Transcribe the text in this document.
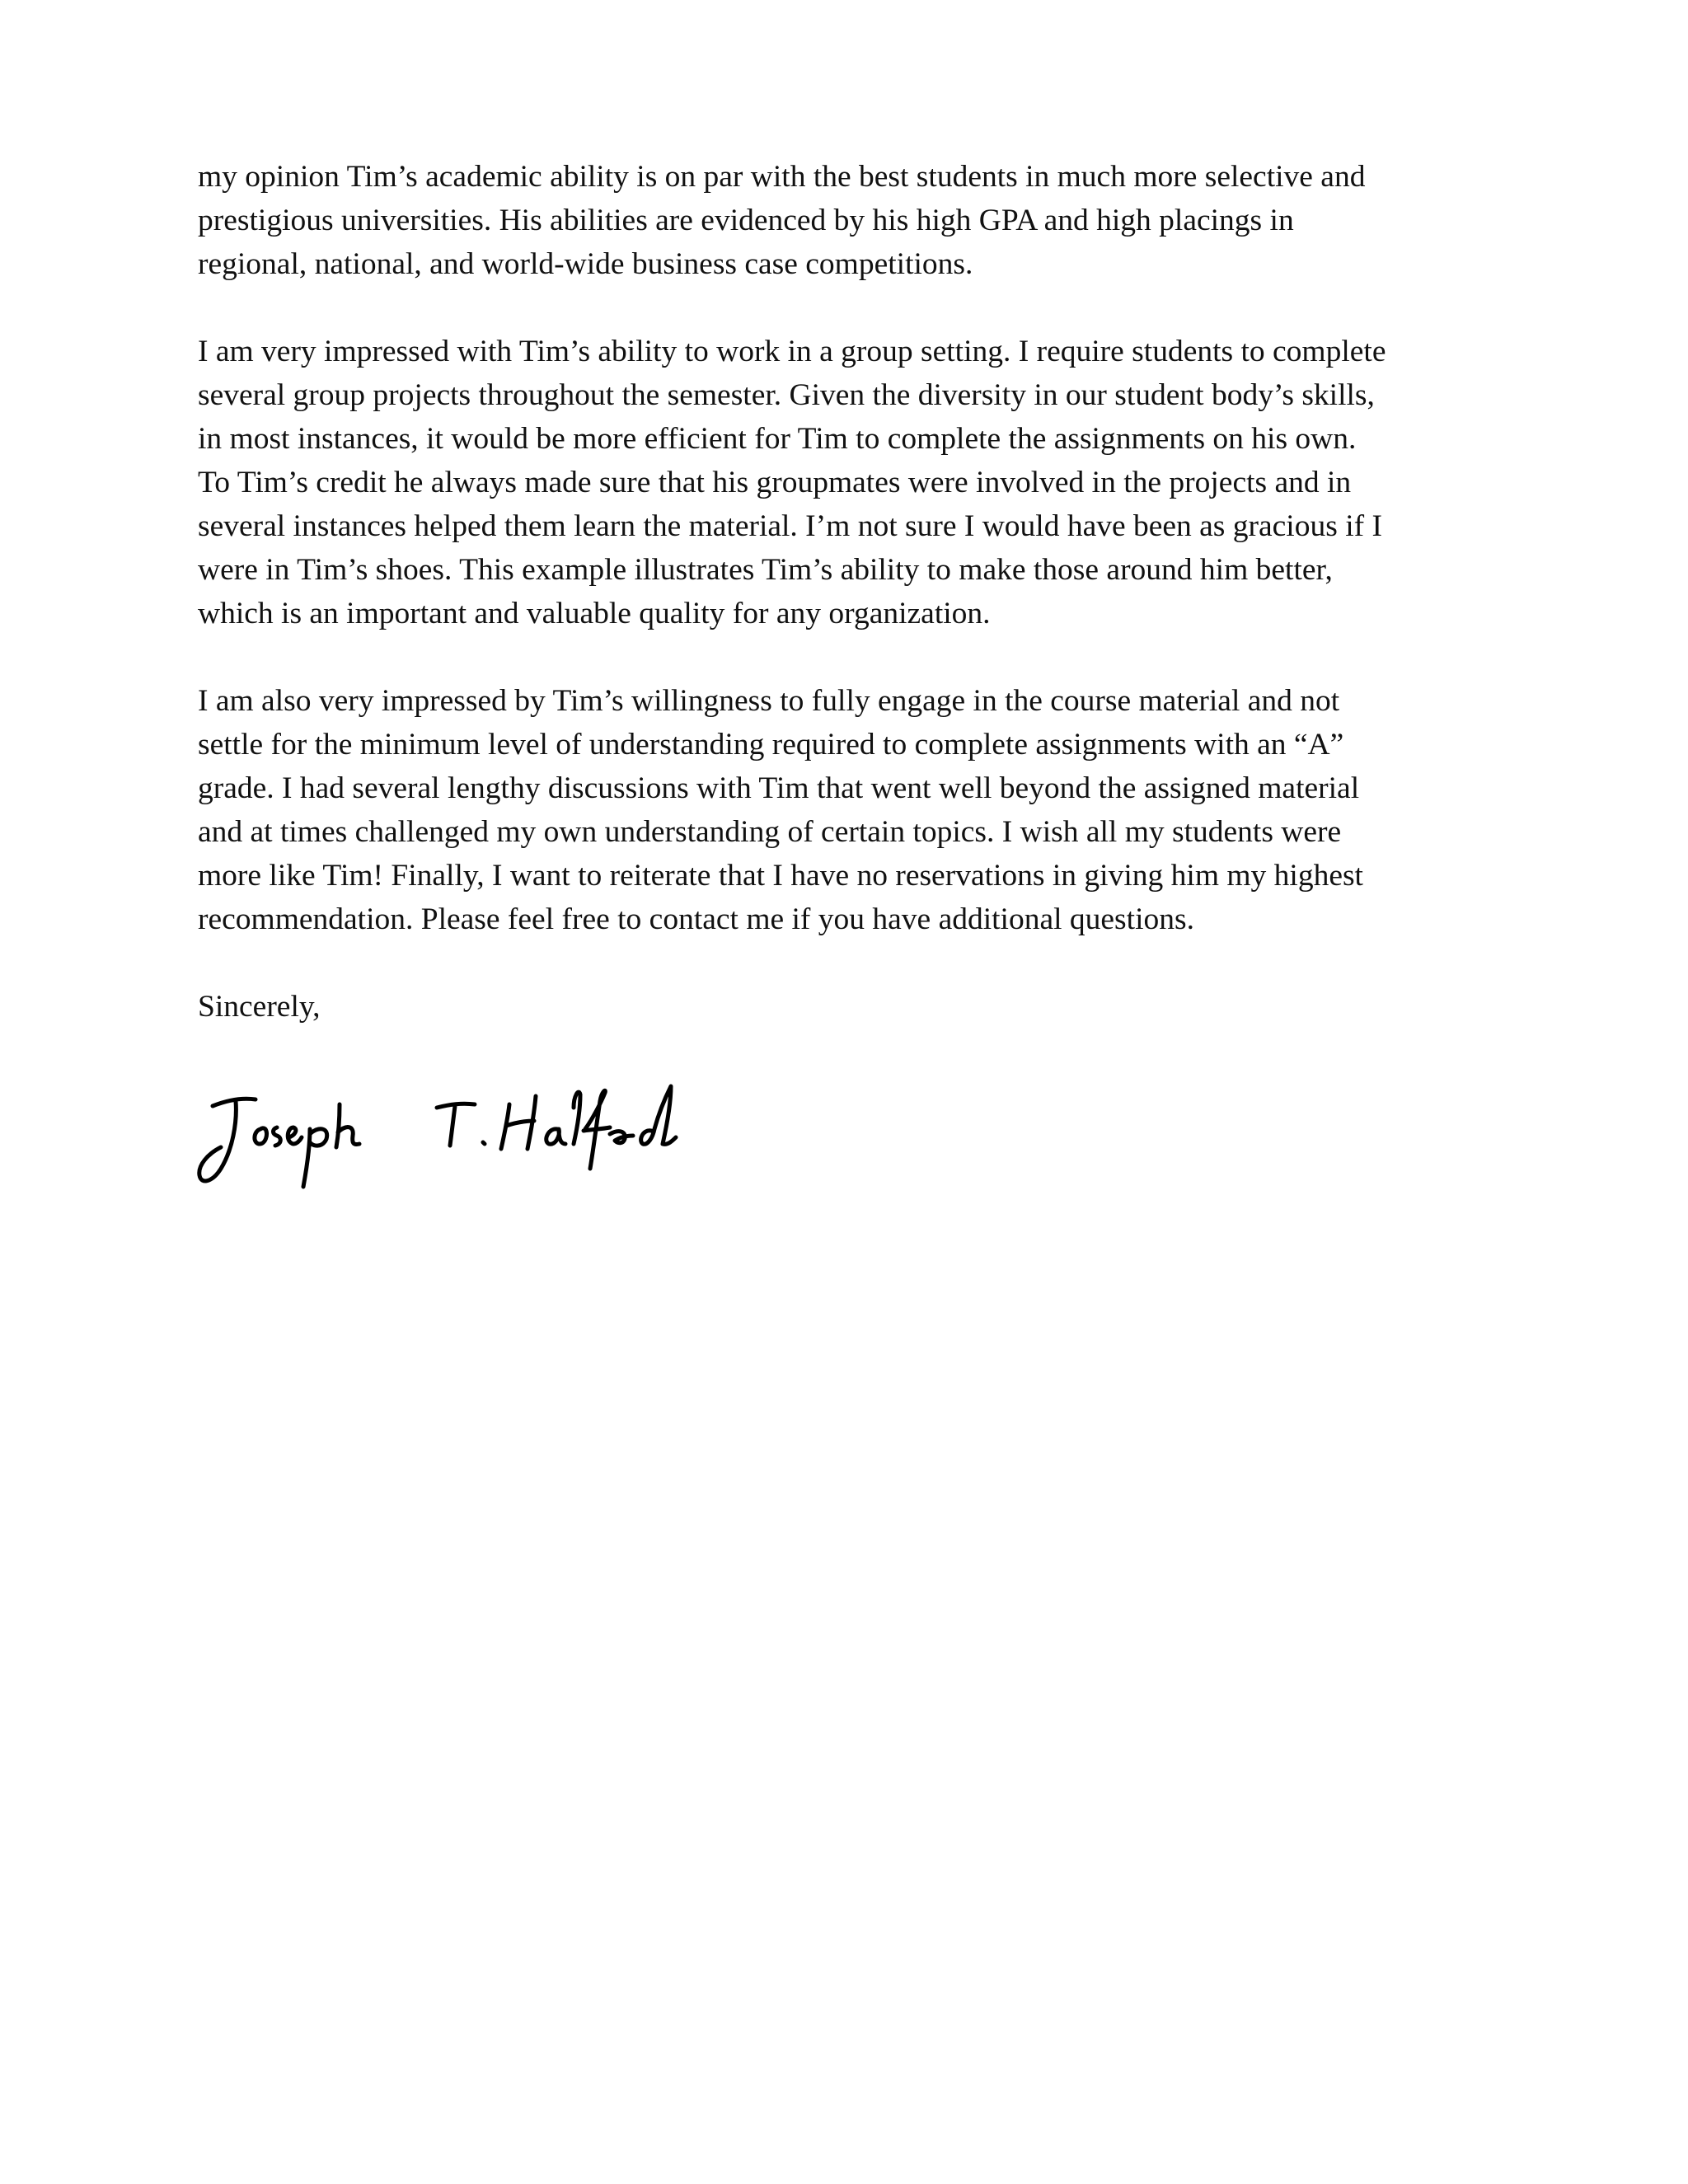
my opinion Tim’s academic ability is on par with the best students in much more selective and
prestigious universities. His abilities are evidenced by his high GPA and high placings in
regional, national, and world-wide business case competitions.

I am very impressed with Tim’s ability to work in a group setting. I require students to complete
several group projects throughout the semester. Given the diversity in our student body’s skills,
in most instances, it would be more efficient for Tim to complete the assignments on his own.
To Tim’s credit he always made sure that his groupmates were involved in the projects and in
several instances helped them learn the material. I’m not sure I would have been as gracious if I
were in Tim’s shoes. This example illustrates Tim’s ability to make those around him better,
which is an important and valuable quality for any organization.

I am also very impressed by Tim’s willingness to fully engage in the course material and not
settle for the minimum level of understanding required to complete assignments with an “A”
grade. I had several lengthy discussions with Tim that went well beyond the assigned material
and at times challenged my own understanding of certain topics. I wish all my students were
more like Tim! Finally, I want to reiterate that I have no reservations in giving him my highest
recommendation. Please feel free to contact me if you have additional questions.

Sincerely,
